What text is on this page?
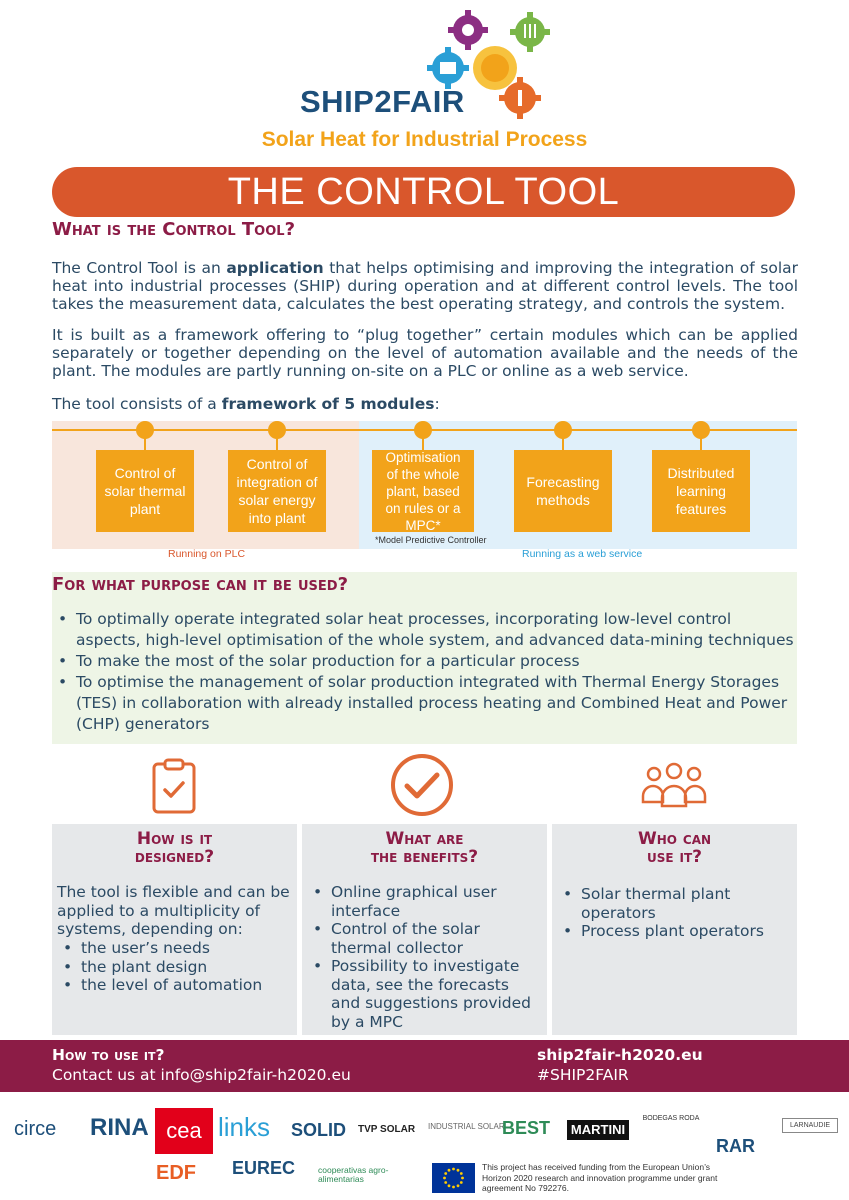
SHIP2FAIR
Solar Heat for Industrial Process
THE CONTROL TOOL
What is the Control Tool?
The Control Tool is an application that helps optimising and improving the integration of solar heat into industrial processes (SHIP) during operation and at different control levels. The tool takes the measurement data, calculates the best operating strategy, and controls the system.
It is built as a framework offering to “plug together” certain modules which can be applied separately or together depending on the level of automation available and the needs of the plant. The modules are partly running on-site on a PLC or online as a web service.
The tool consists of a framework of 5 modules:
Control of solar thermal plant
Control of integration of solar energy into plant
Optimisation of the whole plant, based on rules or a MPC*
Forecasting methods
Distributed learning features
*Model Predictive Controller
Running on PLC	Running as a web service
For what purpose can it be used?
• To optimally operate integrated solar heat processes, incorporating low-level control aspects, high-level optimisation of the whole system, and advanced data-mining techniques
• To make the most of the solar production for a particular process
• To optimise the management of solar production integrated with Thermal Energy Storages (TES) in collaboration with already installed process heating and Combined Heat and Power (CHP) generators
How is it
designed?
The tool is flexible and can be applied to a multiplicity of systems, depending on:
• the user’s needs
• the plant design
• the level of automation
What are
the benefits?
• Online graphical user interface
• Control of the solar thermal collector
• Possibility to investigate data, see the forecasts and suggestions provided by a MPC
Who can
use it?
• Solar thermal plant operators
• Process plant operators
How to use it?
Contact us at info@ship2fair-h2020.eu
ship2fair-h2020.eu
#SHIP2FAIR
circe RINA cea links SOLID TVP SOLAR INDUSTRIAL SOLAR
BEST	MARTINI
BODEGAS RODA
RAR
LARNAUDIE
EDF EUREC	cooperativas agro-alimentarias
This project has received funding from the European Union’s Horizon 2020 research and innovation programme under grant agreement No 792276.
